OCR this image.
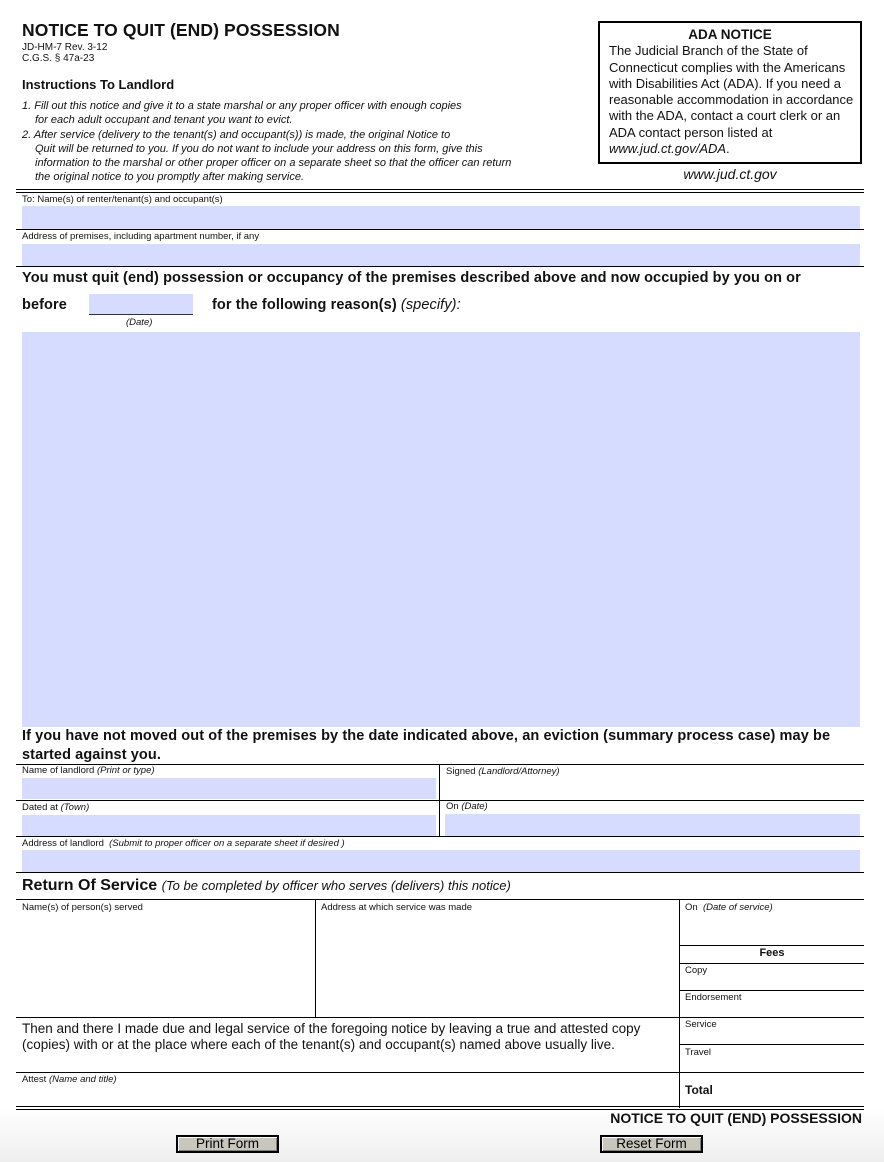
NOTICE TO QUIT (END) POSSESSION
JD-HM-7 Rev. 3-12
C.G.S. § 47a-23
Instructions To Landlord
1. Fill out this notice and give it to a state marshal or any proper officer with enough copies
for each adult occupant and tenant you want to evict.
2. After service (delivery to the tenant(s) and occupant(s)) is made, the original Notice to
Quit will be returned to you. If you do not want to include your address on this form, give this information to the marshal or other proper officer on a separate sheet so that the officer can return the original notice to you promptly after making service.
ADA NOTICE
The Judicial Branch of the State of Connecticut complies with the Americans with Disabilities Act (ADA). If you need a reasonable accommodation in accordance with the ADA, contact a court clerk or an ADA contact person listed at www.jud.ct.gov/ADA.
www.jud.ct.gov
To: Name(s) of renter/tenant(s) and occupant(s)
Address of premises, including apartment number, if any
You must quit (end) possession or occupancy of the premises described above and now occupied by you on or
before
(Date)
for the following reason(s) (specify):
If you have not moved out of the premises by the date indicated above, an eviction (summary process case) may be started against you.
Name of landlord (Print or type)	Signed (Landlord/Attorney)
Dated at (Town)	On (Date)
Address of landlord (Submit to proper officer on a separate sheet if desired )
Return Of Service (To be completed by officer who serves (delivers) this notice)
Name(s) of person(s) served	Address at which service was made	On (Date of service)
Fees
Copy
Endorsement
Service
Travel
Then and there I made due and legal service of the foregoing notice by leaving a true and attested copy (copies) with or at the place where each of the tenant(s) and occupant(s) named above usually live.
Attest (Name and title)
Total
NOTICE TO QUIT (END) POSSESSION
Print Form	Reset Form
